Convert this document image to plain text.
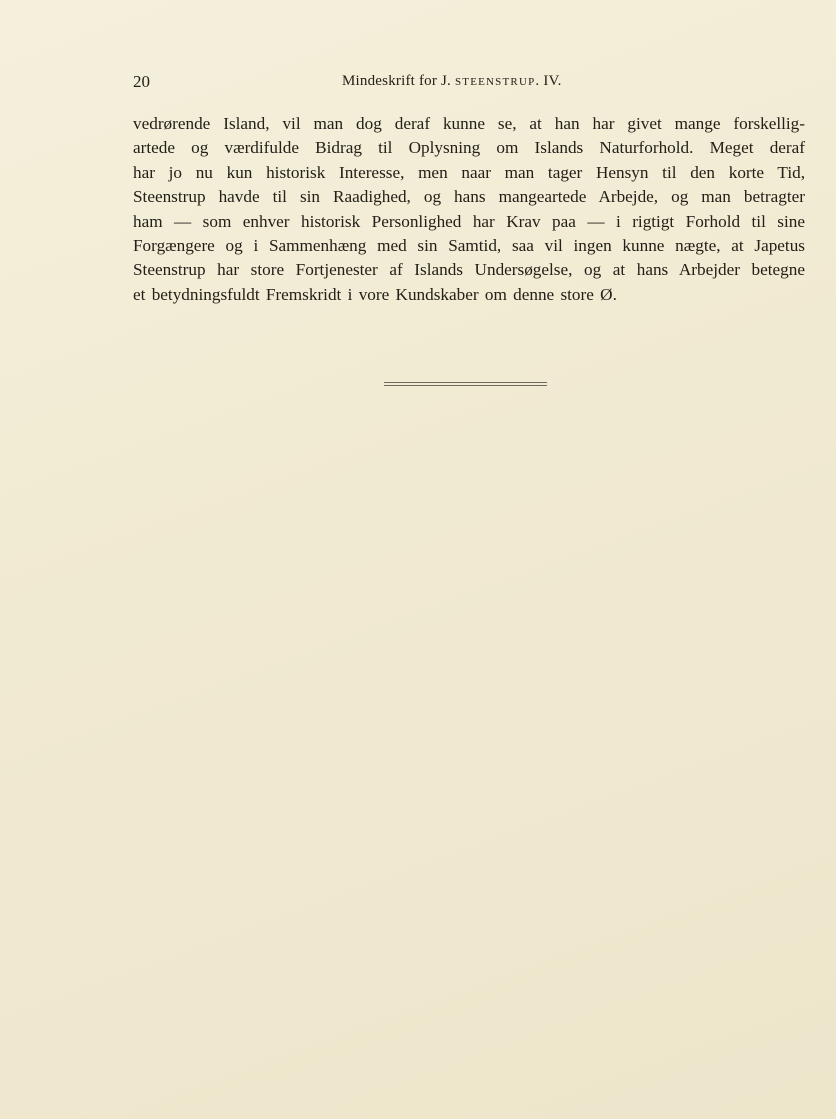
20	Mindeskrift for J. STEENSTRUP. IV.
vedrørende Island, vil man dog deraf kunne se, at han har givet mange forskellig-
artede og værdifulde Bidrag til Oplysning om Islands Naturforhold. Meget deraf
har jo nu kun historisk Interesse, men naar man tager Hensyn til den korte Tid,
Steenstrup havde til sin Raadighed, og hans mangeartede Arbejde, og man betragter
ham — som enhver historisk Personlighed har Krav paa — i rigtigt Forhold til sine
Forgængere og i Sammenhæng med sin Samtid, saa vil ingen kunne nægte, at Japetus
Steenstrup har store Fortjenester af Islands Undersøgelse, og at hans Arbejder betegne
et betydningsfuldt Fremskridt i vore Kundskaber om denne store Ø.
